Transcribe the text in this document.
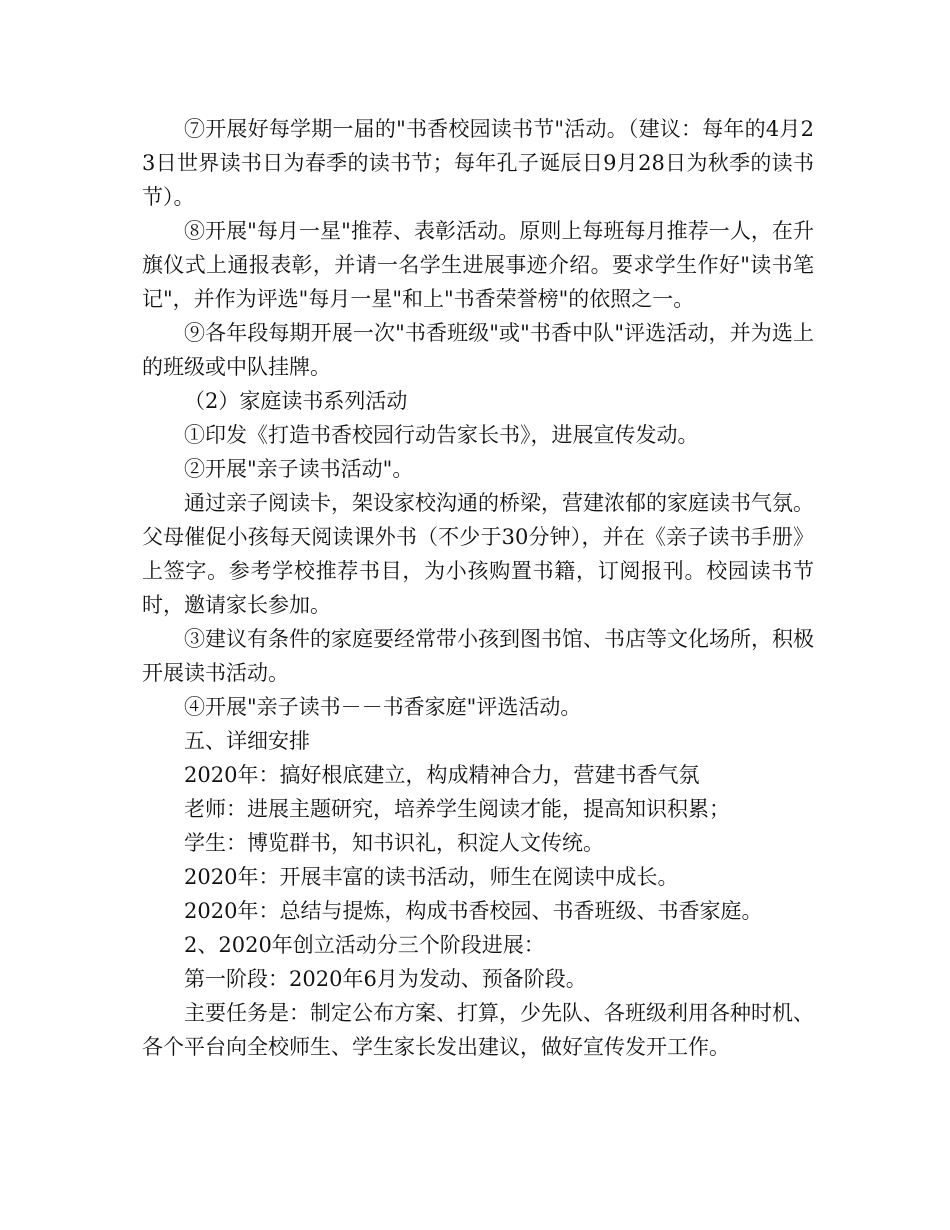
⑦开展好每学期一届的"书香校园读书节"活动。（建议：每年的4月23日世界读书日为春季的读书节；每年孔子诞辰日9月28日为秋季的读书节）。

⑧开展"每月一星"推荐、表彰活动。原则上每班每月推荐一人，在升旗仪式上通报表彰，并请一名学生进展事迹介绍。要求学生作好"读书笔记"，并作为评选"每月一星"和上"书香荣誉榜"的依照之一。

⑨各年段每期开展一次"书香班级"或"书香中队"评选活动，并为选上的班级或中队挂牌。

（2）家庭读书系列活动

①印发《打造书香校园行动告家长书》，进展宣传发动。

②开展"亲子读书活动"。

通过亲子阅读卡，架设家校沟通的桥梁，营建浓郁的家庭读书气氛。父母催促小孩每天阅读课外书（不少于30分钟），并在《亲子读书手册》上签字。参考学校推荐书目，为小孩购置书籍，订阅报刊。校园读书节时，邀请家长参加。

③建议有条件的家庭要经常带小孩到图书馆、书店等文化场所，积极开展读书活动。

④开展"亲子读书－－书香家庭"评选活动。

五、详细安排

2020年：搞好根底建立，构成精神合力，营建书香气氛

老师：进展主题研究，培养学生阅读才能，提高知识积累；

学生：博览群书，知书识礼，积淀人文传统。

2020年：开展丰富的读书活动，师生在阅读中成长。

2020年：总结与提炼，构成书香校园、书香班级、书香家庭。

2、2020年创立活动分三个阶段进展：

第一阶段：2020年6月为发动、预备阶段。

主要任务是：制定公布方案、打算，少先队、各班级利用各种时机、各个平台向全校师生、学生家长发出建议，做好宣传发开工作。
